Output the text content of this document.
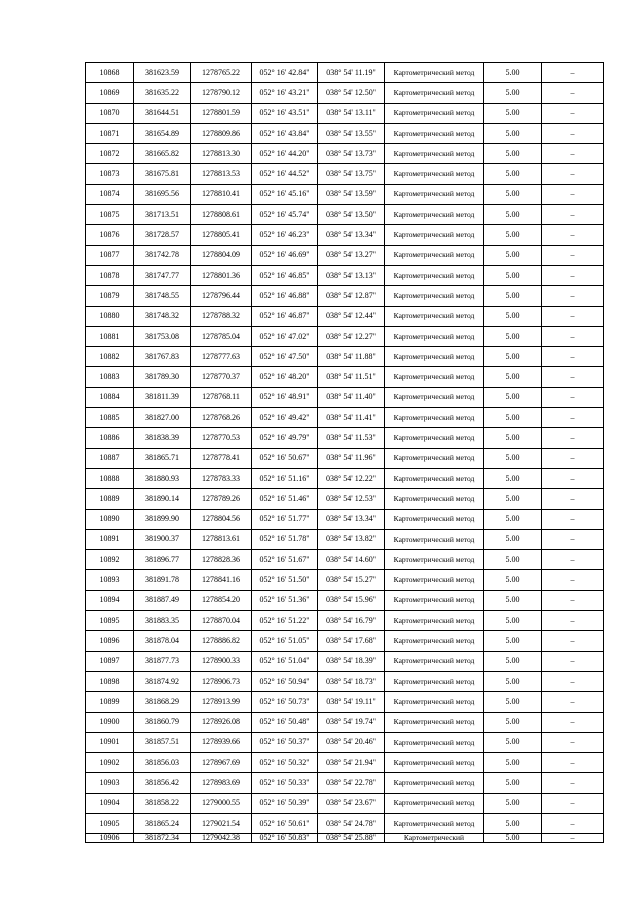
10868	381623.59	1278765.22	052° 16' 42.84"	038° 54' 11.19"	Картометрический метод	5.00	–
10869	381635.22	1278790.12	052° 16' 43.21"	038° 54' 12.50"	Картометрический метод	5.00	–
10870	381644.51	1278801.59	052° 16' 43.51"	038° 54' 13.11"	Картометрический метод	5.00	–
10871	381654.89	1278809.86	052° 16' 43.84"	038° 54' 13.55"	Картометрический метод	5.00	–
10872	381665.82	1278813.30	052° 16' 44.20"	038° 54' 13.73"	Картометрический метод	5.00	–
10873	381675.81	1278813.53	052° 16' 44.52"	038° 54' 13.75"	Картометрический метод	5.00	–
10874	381695.56	1278810.41	052° 16' 45.16"	038° 54' 13.59"	Картометрический метод	5.00	–
10875	381713.51	1278808.61	052° 16' 45.74"	038° 54' 13.50"	Картометрический метод	5.00	–
10876	381728.57	1278805.41	052° 16' 46.23"	038° 54' 13.34"	Картометрический метод	5.00	–
10877	381742.78	1278804.09	052° 16' 46.69"	038° 54' 13.27"	Картометрический метод	5.00	–
10878	381747.77	1278801.36	052° 16' 46.85"	038° 54' 13.13"	Картометрический метод	5.00	–
10879	381748.55	1278796.44	052° 16' 46.88"	038° 54' 12.87"	Картометрический метод	5.00	–
10880	381748.32	1278788.32	052° 16' 46.87"	038° 54' 12.44"	Картометрический метод	5.00	–
10881	381753.08	1278785.04	052° 16' 47.02"	038° 54' 12.27"	Картометрический метод	5.00	–
10882	381767.83	1278777.63	052° 16' 47.50"	038° 54' 11.88"	Картометрический метод	5.00	–
10883	381789.30	1278770.37	052° 16' 48.20"	038° 54' 11.51"	Картометрический метод	5.00	–
10884	381811.39	1278768.11	052° 16' 48.91"	038° 54' 11.40"	Картометрический метод	5.00	–
10885	381827.00	1278768.26	052° 16' 49.42"	038° 54' 11.41"	Картометрический метод	5.00	–
10886	381838.39	1278770.53	052° 16' 49.79"	038° 54' 11.53"	Картометрический метод	5.00	–
10887	381865.71	1278778.41	052° 16' 50.67"	038° 54' 11.96"	Картометрический метод	5.00	–
10888	381880.93	1278783.33	052° 16' 51.16"	038° 54' 12.22"	Картометрический метод	5.00	–
10889	381890.14	1278789.26	052° 16' 51.46"	038° 54' 12.53"	Картометрический метод	5.00	–
10890	381899.90	1278804.56	052° 16' 51.77"	038° 54' 13.34"	Картометрический метод	5.00	–
10891	381900.37	1278813.61	052° 16' 51.78"	038° 54' 13.82"	Картометрический метод	5.00	–
10892	381896.77	1278828.36	052° 16' 51.67"	038° 54' 14.60"	Картометрический метод	5.00	–
10893	381891.78	1278841.16	052° 16' 51.50"	038° 54' 15.27"	Картометрический метод	5.00	–
10894	381887.49	1278854.20	052° 16' 51.36"	038° 54' 15.96"	Картометрический метод	5.00	–
10895	381883.35	1278870.04	052° 16' 51.22"	038° 54' 16.79"	Картометрический метод	5.00	–
10896	381878.04	1278886.82	052° 16' 51.05"	038° 54' 17.68"	Картометрический метод	5.00	–
10897	381877.73	1278900.33	052° 16' 51.04"	038° 54' 18.39"	Картометрический метод	5.00	–
10898	381874.92	1278906.73	052° 16' 50.94"	038° 54' 18.73"	Картометрический метод	5.00	–
10899	381868.29	1278913.99	052° 16' 50.73"	038° 54' 19.11"	Картометрический метод	5.00	–
10900	381860.79	1278926.08	052° 16' 50.48"	038° 54' 19.74"	Картометрический метод	5.00	–
10901	381857.51	1278939.66	052° 16' 50.37"	038° 54' 20.46"	Картометрический метод	5.00	–
10902	381856.03	1278967.69	052° 16' 50.32"	038° 54' 21.94"	Картометрический метод	5.00	–
10903	381856.42	1278983.69	052° 16' 50.33"	038° 54' 22.78"	Картометрический метод	5.00	–
10904	381858.22	1279000.55	052° 16' 50.39"	038° 54' 23.67"	Картометрический метод	5.00	–
10905	381865.24	1279021.54	052° 16' 50.61"	038° 54' 24.78"	Картометрический метод	5.00	–
10906	381872.34	1279042.38	052° 16' 50.83"	038° 54' 25.88"	Картометрический	5.00	–
